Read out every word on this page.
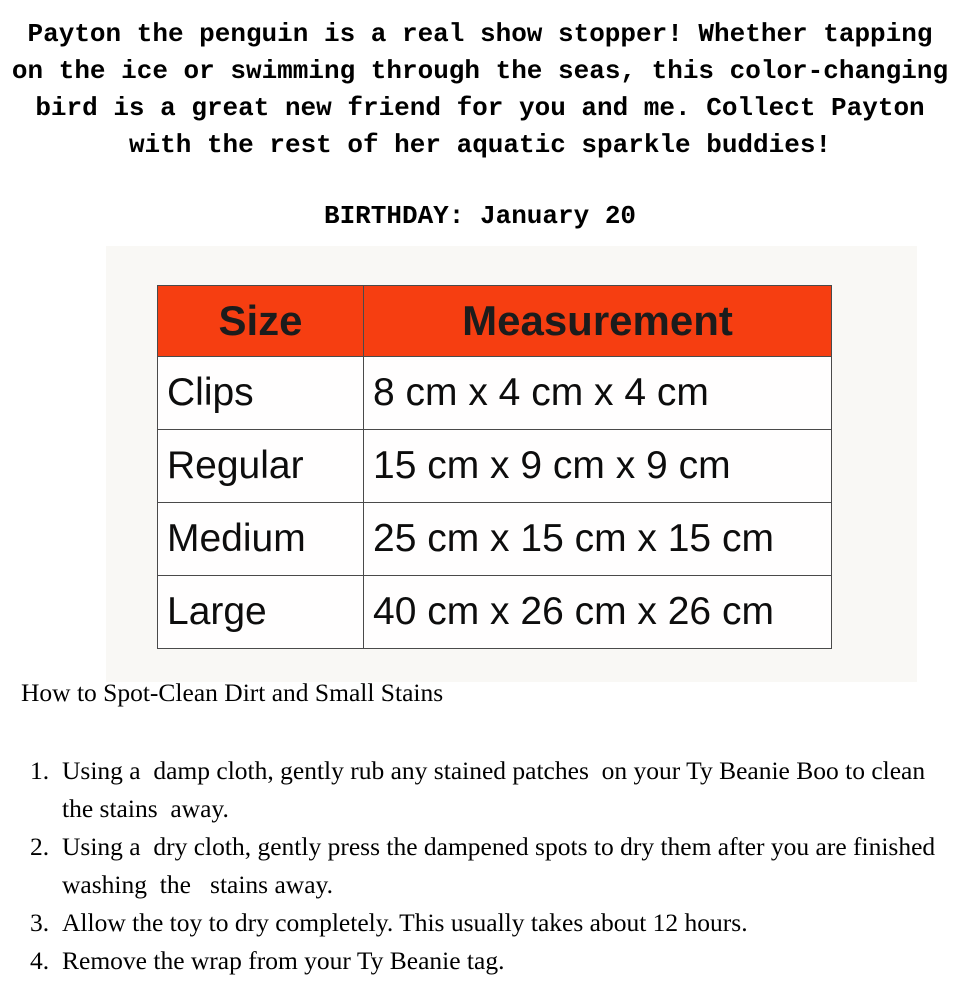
Payton the penguin is a real show stopper! Whether tapping
on the ice or swimming through the seas, this color-changing
bird is a great new friend for you and me. Collect Payton
with the rest of her aquatic sparkle buddies!
BIRTHDAY: January 20
Size	Measurement
Clips	8 cm x 4 cm x 4 cm
Regular	15 cm x 9 cm x 9 cm
Medium	25 cm x 15 cm x 15 cm
Large	40 cm x 26 cm x 26 cm
How to Spot-Clean Dirt and Small Stains
1. Using a  damp cloth, gently rub any stained patches  on your Ty Beanie Boo to clean the stains  away.
2. Using a  dry cloth, gently press the dampened spots to dry them after you are finished washing  the   stains away.
3. Allow the toy to dry completely. This usually takes about 12 hours.
4. Remove the wrap from your Ty Beanie tag.
